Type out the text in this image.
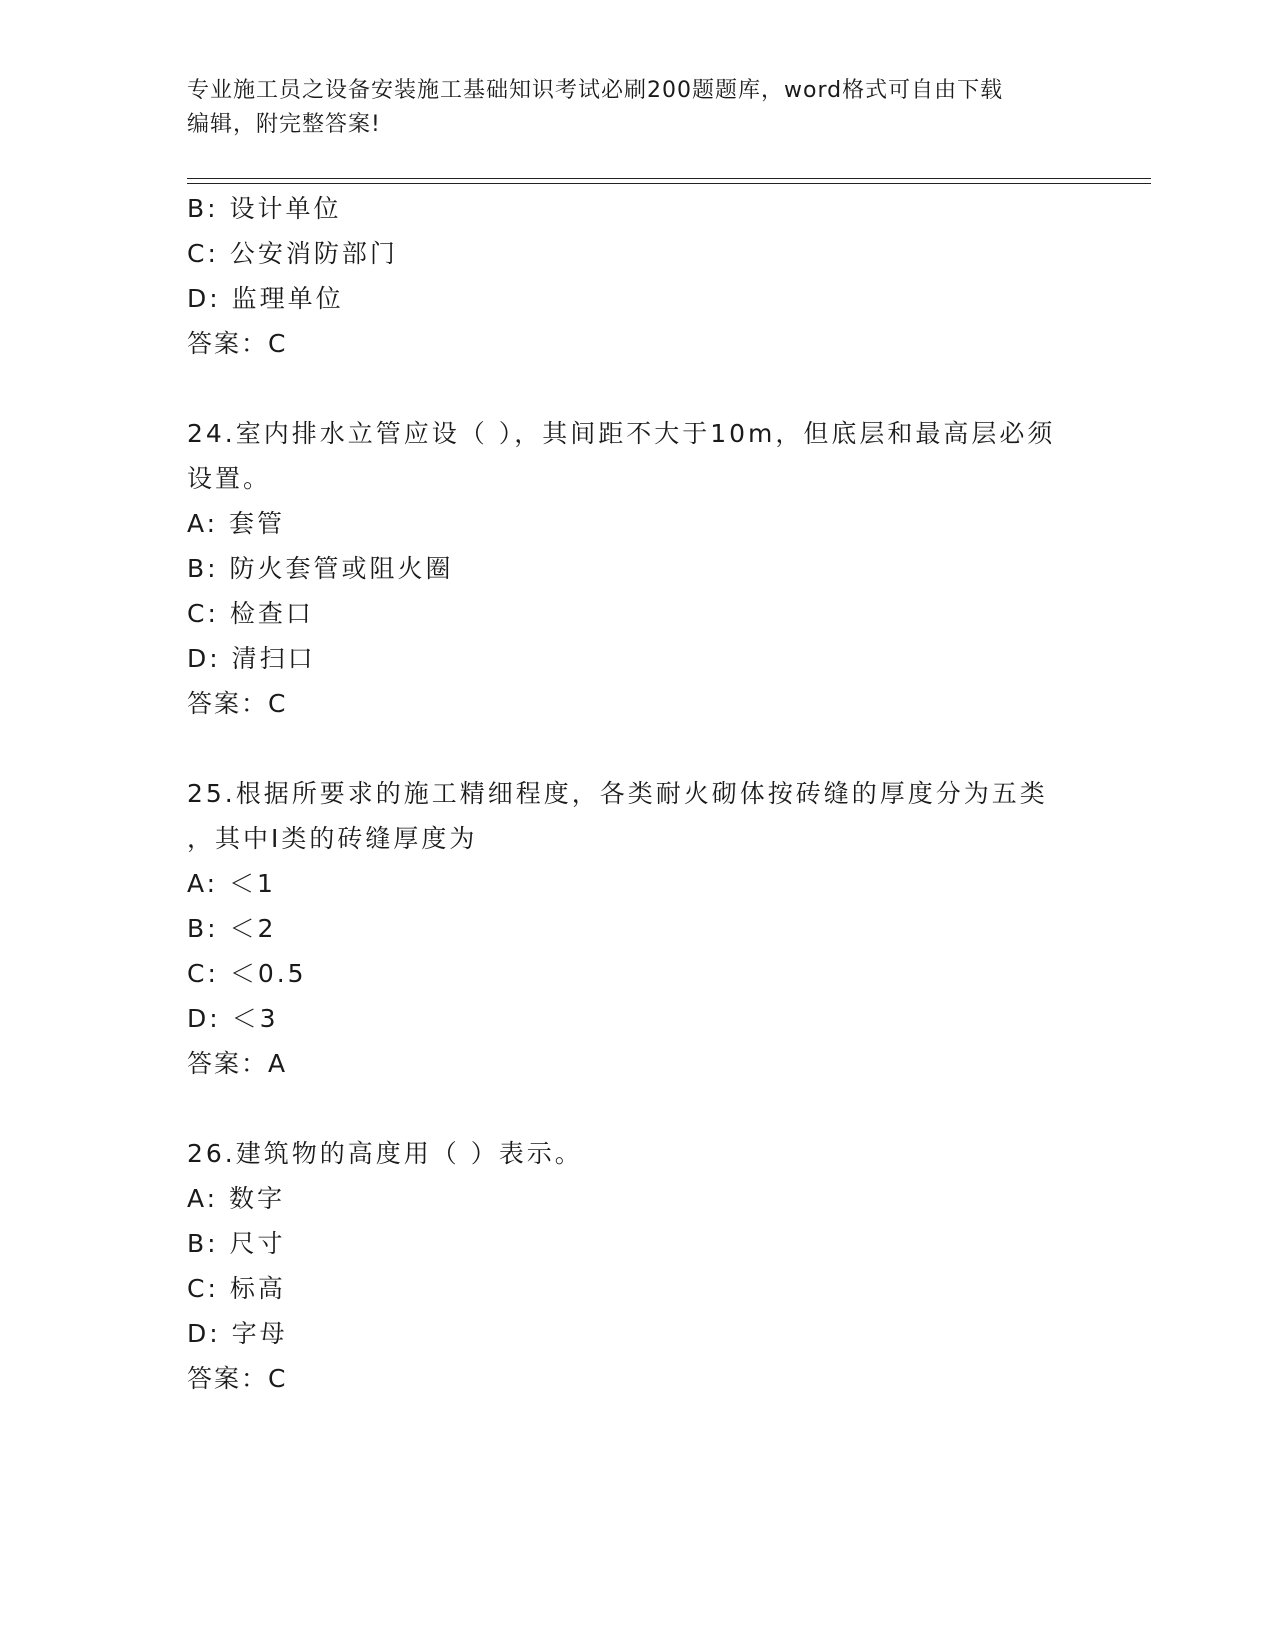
专业施工员之设备安装施工基础知识考试必刷200题题库，word格式可自由下载
编辑，附完整答案!
B: 设计单位
C: 公安消防部门
D: 监理单位
答案：C
24.室内排水立管应设（ ），其间距不大于10m，但底层和最高层必须
设置。
A: 套管
B: 防火套管或阻火圈
C: 检查口
D: 清扫口
答案：C
25.根据所要求的施工精细程度，各类耐火砌体按砖缝的厚度分为五类
，其中Ⅰ类的砖缝厚度为
A: ＜1
B: ＜2
C: ＜0.5
D: ＜3
答案：A
26.建筑物的高度用（ ）表示。
A: 数字
B: 尺寸
C: 标高
D: 字母
答案：C
